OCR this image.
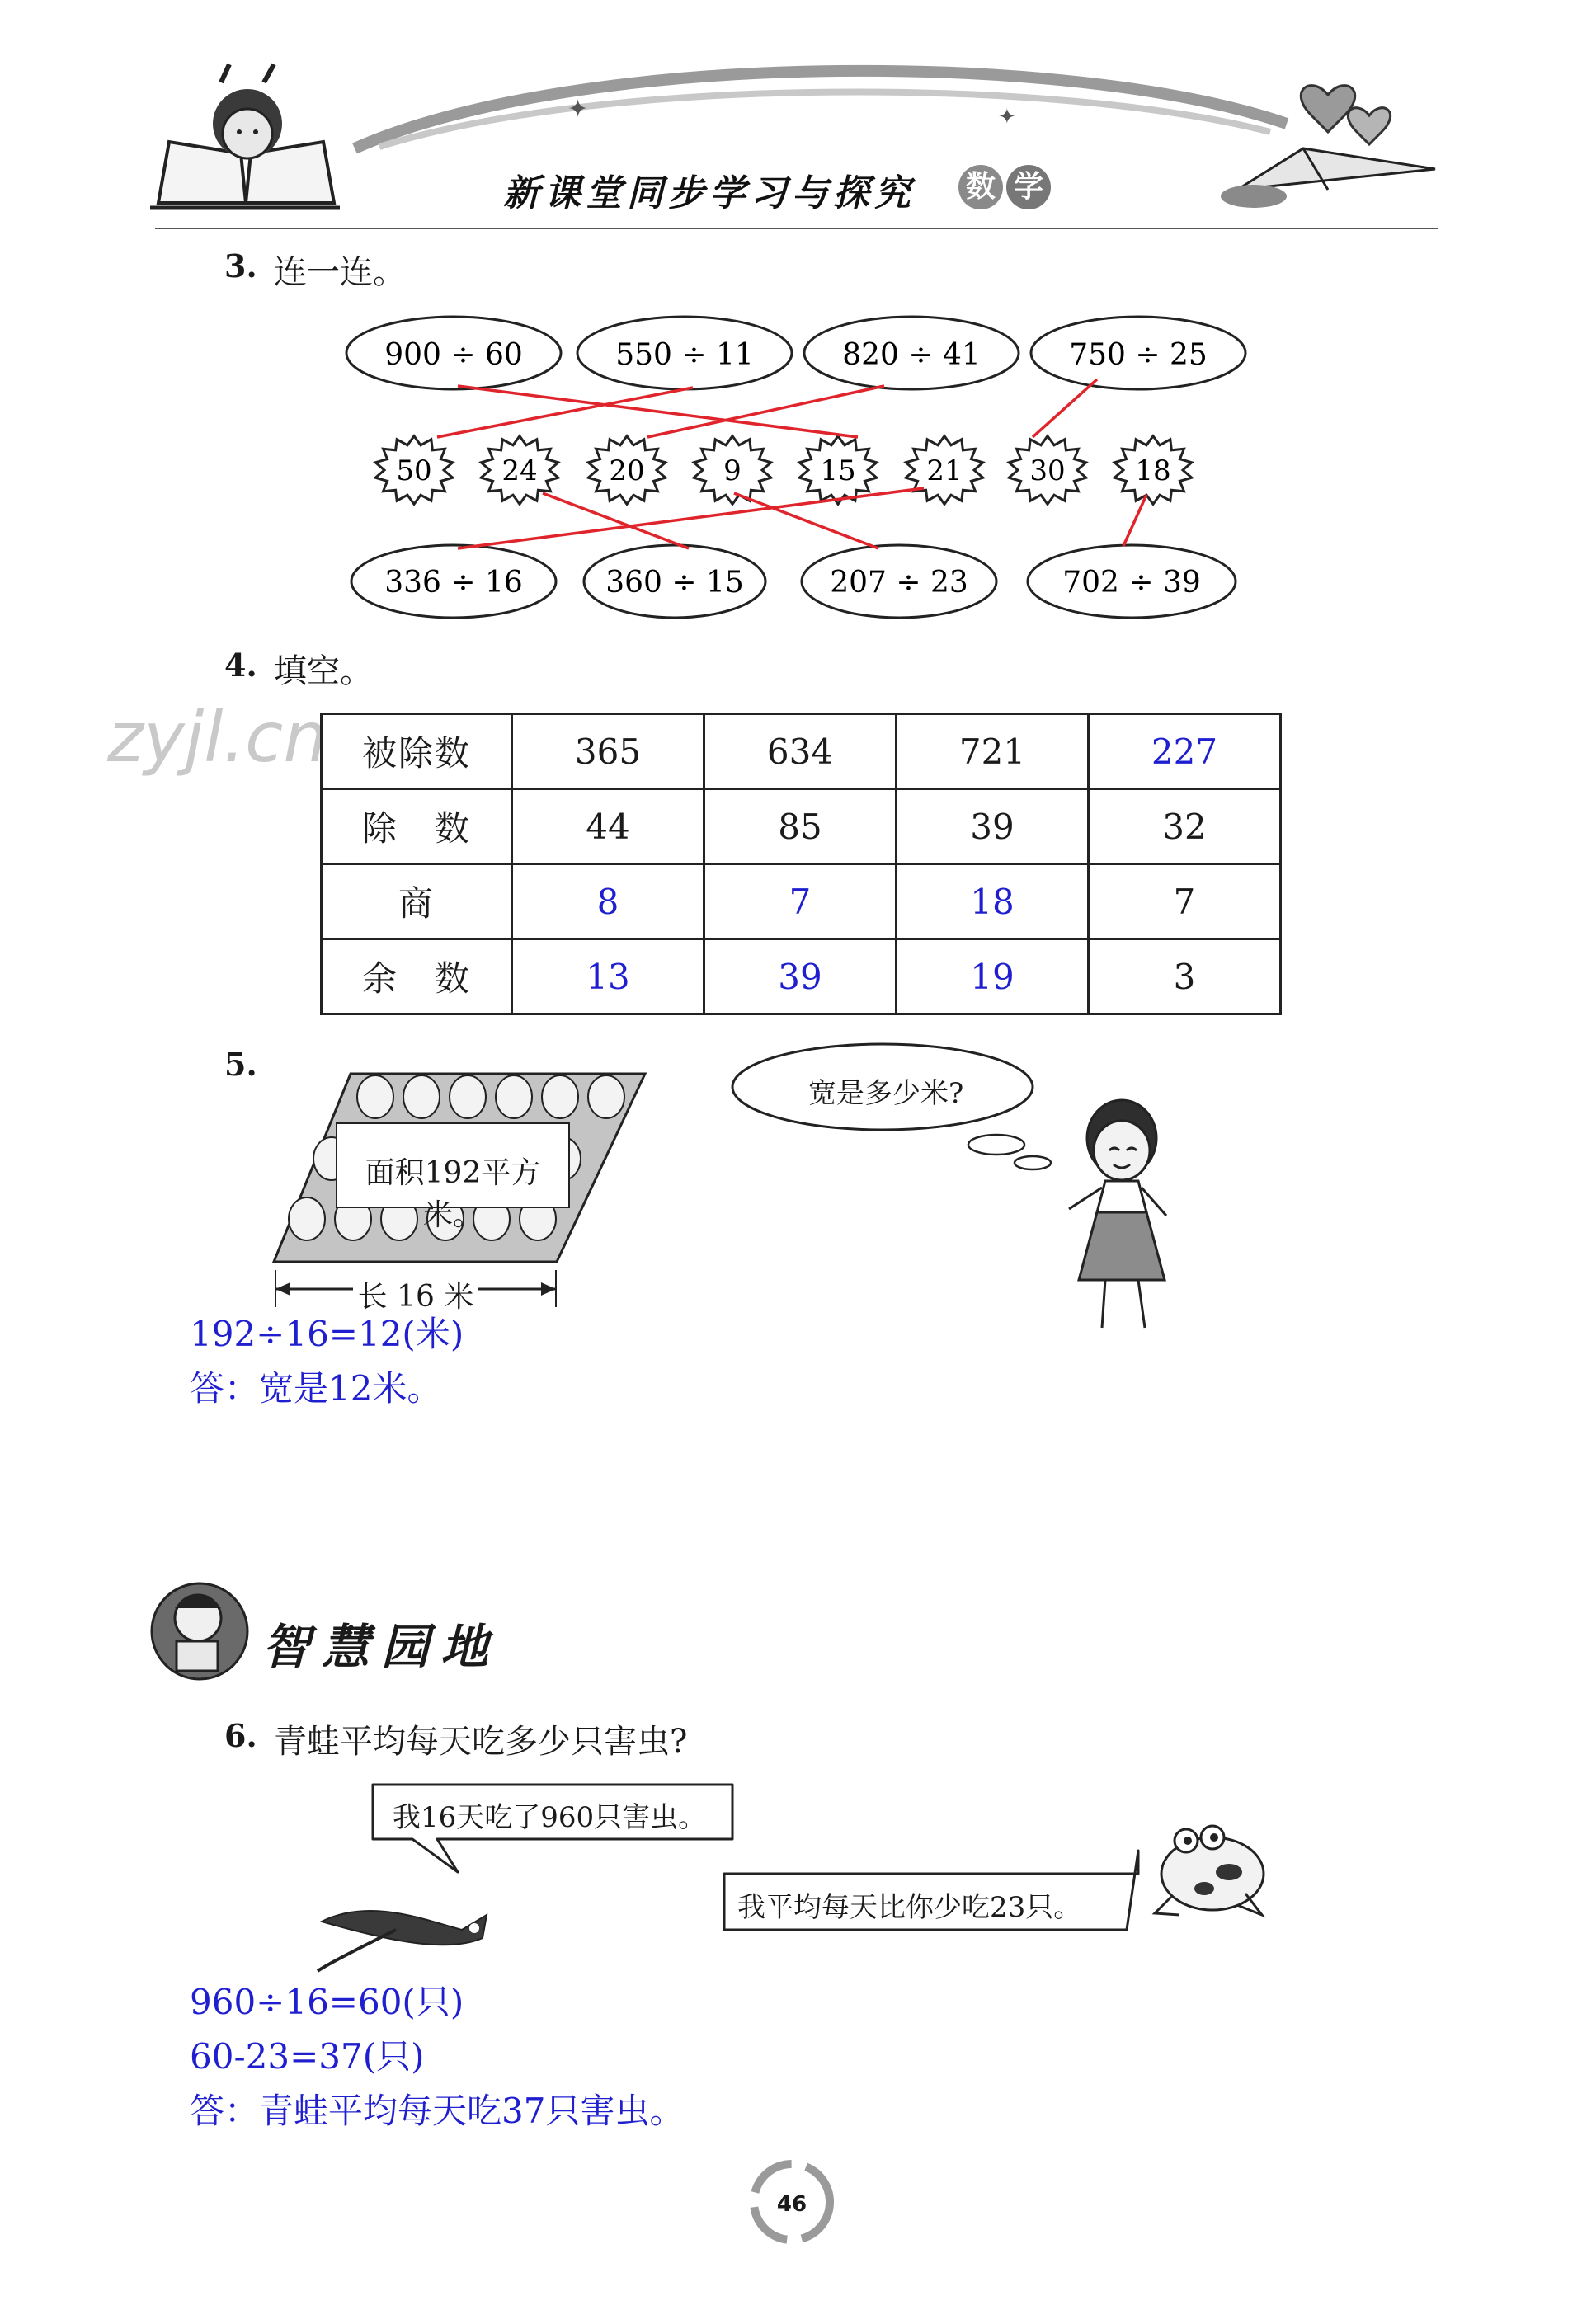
✦	✦
新课堂同步学习与探究 数 学
3. 连一连。
900 ÷ 60	550 ÷ 11	820 ÷ 41	750 ÷ 25
50 24	20	9	15	21 30 18
336 ÷ 16	360 ÷ 15	207 ÷ 23	702 ÷ 39
4. 填空。
zyjl.cn 被除数	365	634	721	227
除　数	44	85	39	32
商	8	7	18	7
余　数	13	39	19	3
5.
宽是多少米?
面积192平方米。
长 16 米
192÷16=12(米)
答：宽是12米。
智慧园地
6. 青蛙平均每天吃多少只害虫?
我16天吃了960只害虫。
我平均每天比你少吃23只。
960÷16=60(只)
60-23=37(只)
答：青蛙平均每天吃37只害虫。
46
